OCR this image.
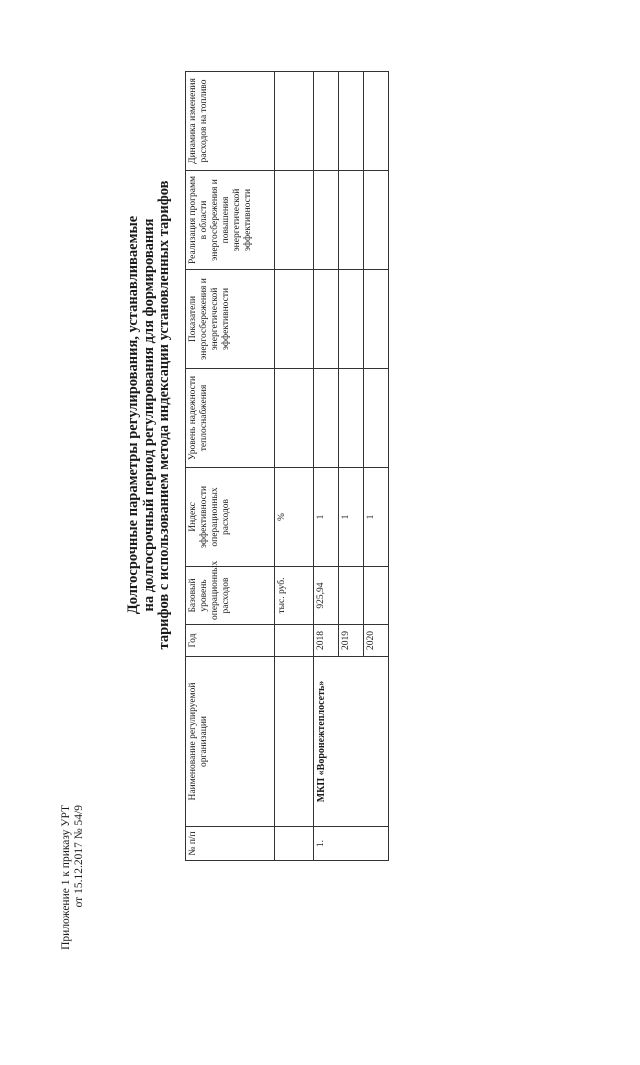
Приложение 1 к приказу УРТ от 15.12.2017 № 54/9
Долгосрочные параметры регулирования, устанавливаемые на долгосрочный период регулирования для формирования тарифов с использованием метода индексации установленных тарифов
№ п/п	Наименование регулируемой организации	Год	Базовый уровень операционных расходов	Индекс эффективности операционных расходов	Уровень надежности теплоснабжения	Показатели энергосбережения и энергетической эффективности	Реализация программ в области энергосбережения и повышения энергетической эффективности	Динамика изменения расходов на топливо
			тыс. руб.	%				
1.	МКП «Воронежтеплосеть»	2018	925,94	1				
		2019		1				
		2020		1				
